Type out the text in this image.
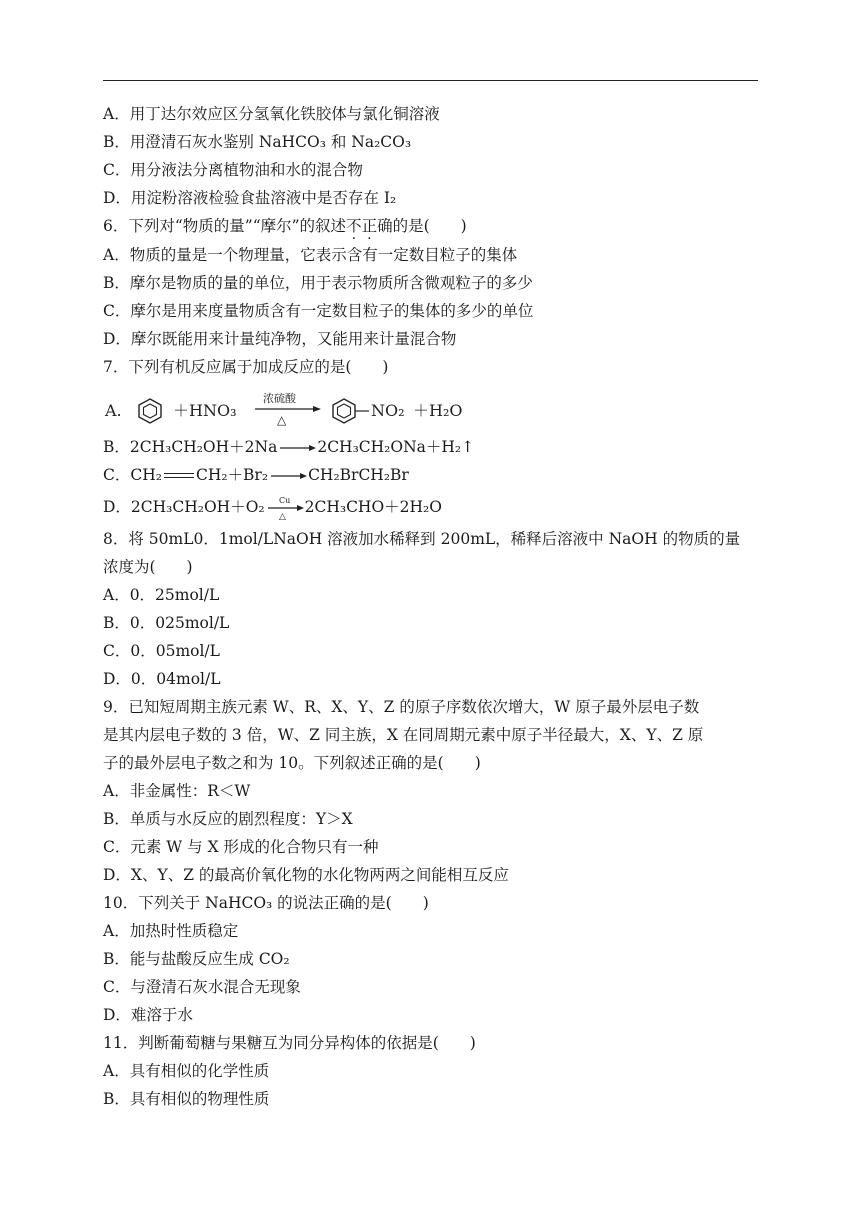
A．用丁达尔效应区分氢氧化铁胶体与氯化铜溶液
B．用澄清石灰水鉴别 NaHCO₃ 和 Na₂CO₃
C．用分液法分离植物油和水的混合物
D．用淀粉溶液检验食盐溶液中是否存在 I₂
6．下列对“物质的量”“摩尔”的叙述不正确的是(　　)
A．物质的量是一个物理量，它表示含有一定数目粒子的集体
B．摩尔是物质的量的单位，用于表示物质所含微观粒子的多少
C．摩尔是用来度量物质含有一定数目粒子的集体的多少的单位
D．摩尔既能用来计量纯净物，又能用来计量混合物
7．下列有机反应属于加成反应的是(　　)
A.	＋HNO₃
浓硫酸
△	NO₂ ＋H₂O
B．2CH₃CH₂OH＋2Na→2CH₃CH₂ONa＋H₂↑
C．CH₂ CH₂＋Br₂→CH₂BrCH₂Br
D．2CH₃CH₂OH＋O₂ Cu
△
2CH₃CHO＋2H₂O
8．将 50mL0．1mol/LNaOH 溶液加水稀释到 200mL，稀释后溶液中 NaOH 的物质的量
浓度为(　　)
A．0．25mol/L
B．0．025mol/L
C．0．05mol/L
D．0．04mol/L
9．已知短周期主族元素 W、R、X、Y、Z 的原子序数依次增大，W 原子最外层电子数
是其内层电子数的 3 倍，W、Z 同主族，X 在同周期元素中原子半径最大，X、Y、Z 原
子的最外层电子数之和为 10。下列叙述正确的是(　　)
A．非金属性：R＜W
B．单质与水反应的剧烈程度：Y＞X
C．元素 W 与 X 形成的化合物只有一种
D．X、Y、Z 的最高价氧化物的水化物两两之间能相互反应
10．下列关于 NaHCO₃ 的说法正确的是(　　)
A．加热时性质稳定
B．能与盐酸反应生成 CO₂
C．与澄清石灰水混合无现象
D．难溶于水
11．判断葡萄糖与果糖互为同分异构体的依据是(　　)
A．具有相似的化学性质
B．具有相似的物理性质
